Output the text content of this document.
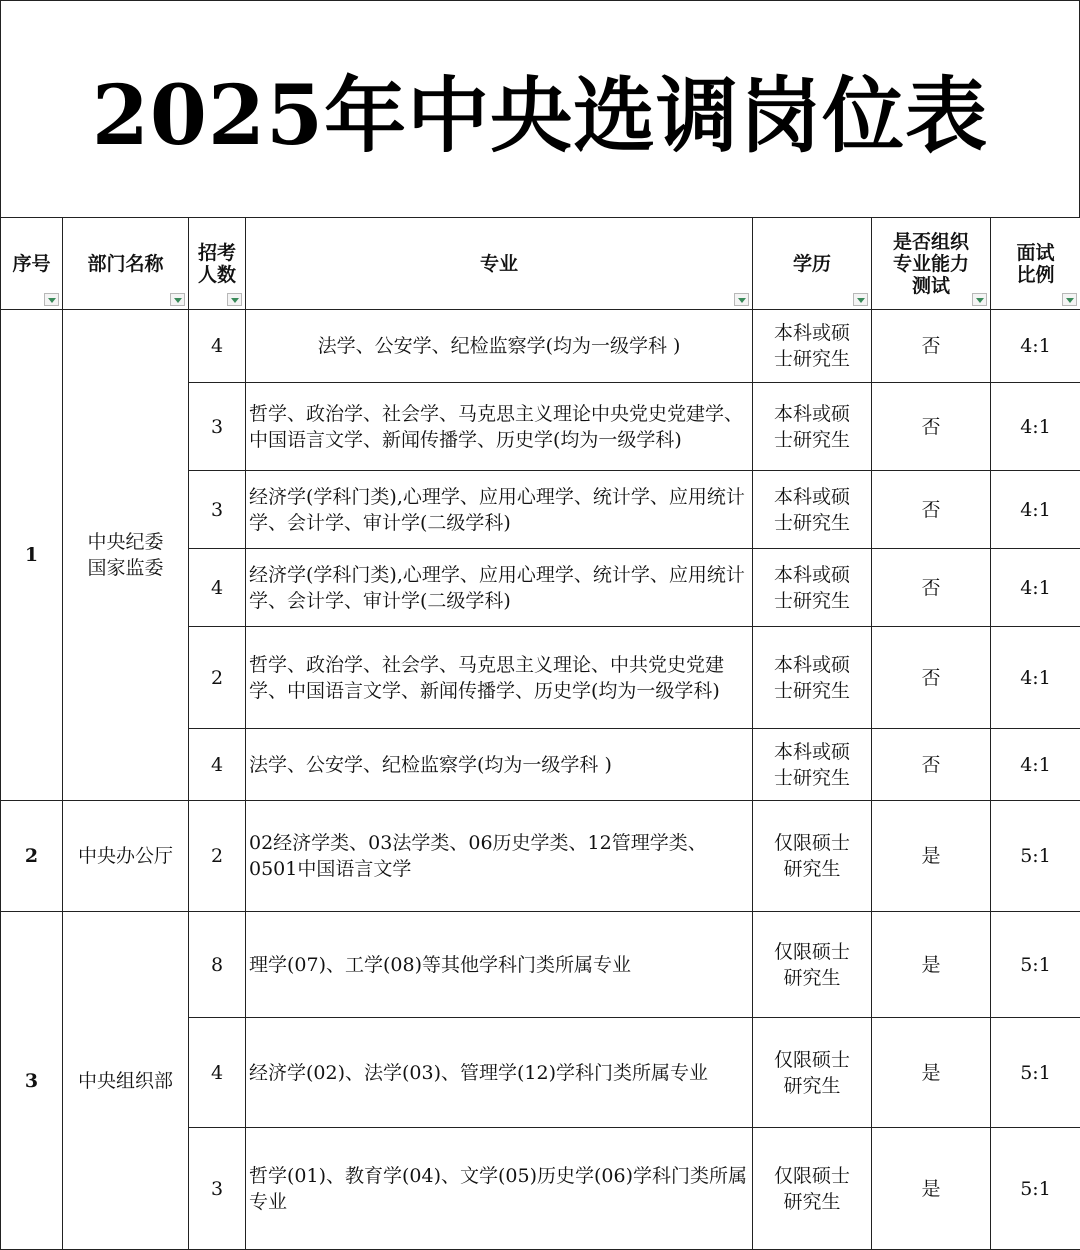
2025年中央选调岗位表
序号	部门名称	招考人数	专业	学历	是否组织专业能力测试	面试比例

1	中央纪委国家监委	4	法学、公安学、纪检监察学(均为一级学科 )	本科或硕士研究生	否	4:1
		3	哲学、政治学、社会学、马克思主义理论中央党史党建学、中国语言文学、新闻传播学、历史学(均为一级学科)	本科或硕士研究生	否	4:1
		3	经济学(学科门类),心理学、应用心理学、统计学、应用统计学、会计学、审计学(二级学科)	本科或硕士研究生	否	4:1
		4	经济学(学科门类),心理学、应用心理学、统计学、应用统计学、会计学、审计学(二级学科)	本科或硕士研究生	否	4:1
		2	哲学、政治学、社会学、马克思主义理论、中共党史党建学、中国语言文学、新闻传播学、历史学(均为一级学科)	本科或硕士研究生	否	4:1
		4	法学、公安学、纪检监察学(均为一级学科 )	本科或硕士研究生	否	4:1
2	中央办公厅	2	02经济学类、03法学类、06历史学类、12管理学类、0501中国语言文学	仅限硕士研究生	是	5:1
3	中央组织部	8	理学(07)、工学(08)等其他学科门类所属专业	仅限硕士研究生	是	5:1
		4	经济学(02)、法学(03)、管理学(12)学科门类所属专业	仅限硕士研究生	是	5:1
		3	哲学(01)、教育学(04)、文学(05)历史学(06)学科门类所属专业	仅限硕士研究生	是	5:1
